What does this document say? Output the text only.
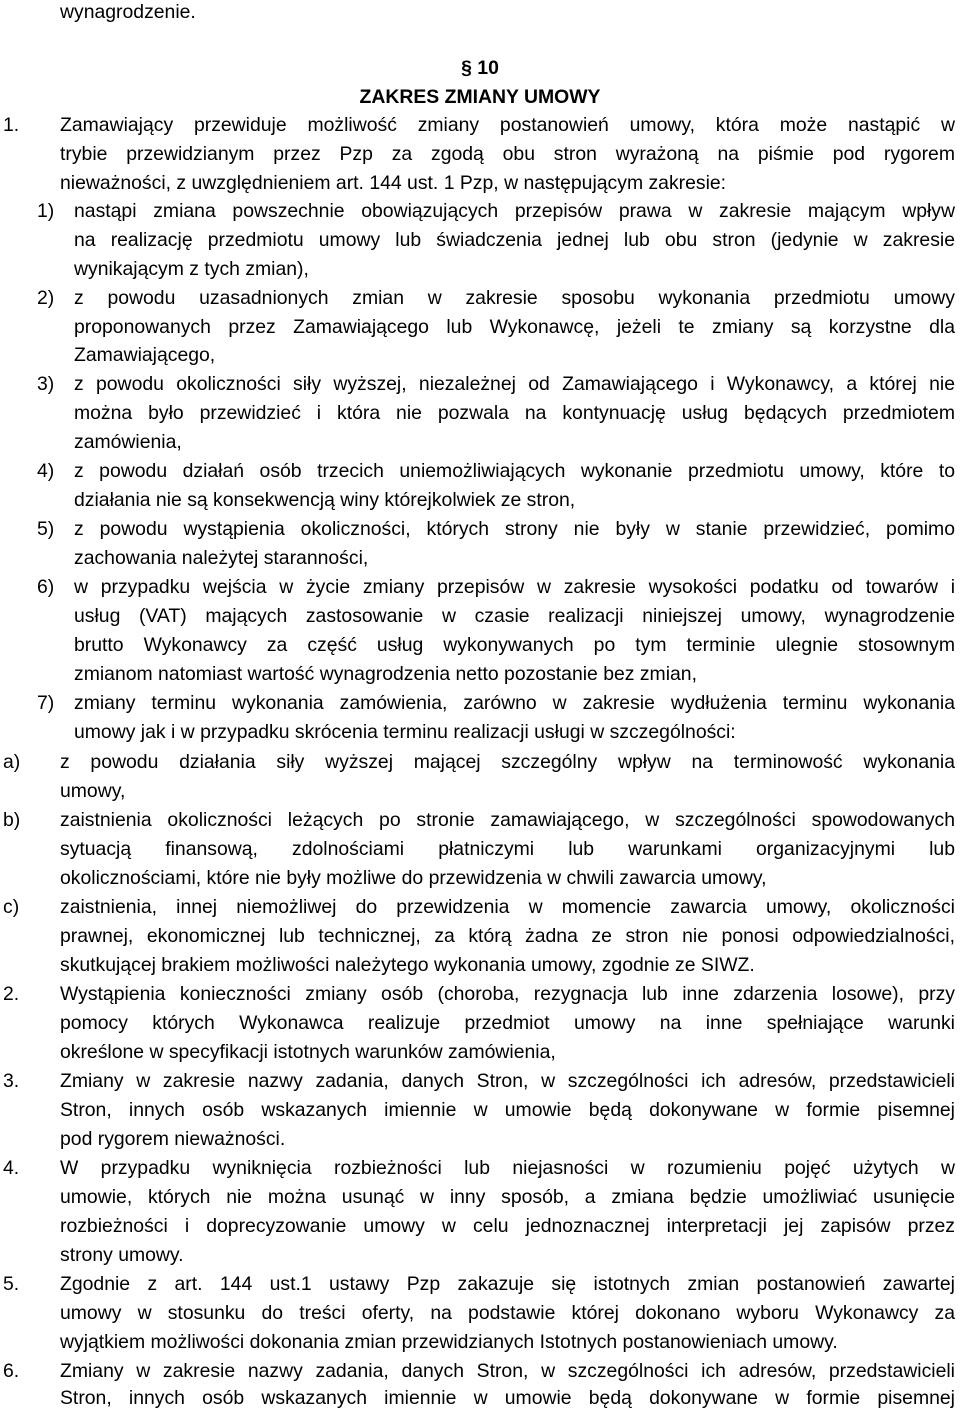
wynagrodzenie.
§ 10
ZAKRES ZMIANY UMOWY
1. Zamawiający przewiduje możliwość zmiany postanowień umowy, która może nastąpić w
trybie przewidzianym przez Pzp za zgodą obu stron wyrażoną na piśmie pod rygorem
nieważności, z uwzględnieniem art. 144 ust. 1 Pzp, w następującym zakresie:
1) nastąpi zmiana powszechnie obowiązujących przepisów prawa w zakresie mającym wpływ
na realizację przedmiotu umowy lub świadczenia jednej lub obu stron (jedynie w zakresie
wynikającym z tych zmian),
2) z powodu uzasadnionych zmian w zakresie sposobu wykonania przedmiotu umowy
proponowanych przez Zamawiającego lub Wykonawcę, jeżeli te zmiany są korzystne dla
Zamawiającego,
3) z powodu okoliczności siły wyższej, niezależnej od Zamawiającego i Wykonawcy, a której nie
można było przewidzieć i która nie pozwala na kontynuację usług będących przedmiotem
zamówienia,
4) z powodu działań osób trzecich uniemożliwiających wykonanie przedmiotu umowy, które to
działania nie są konsekwencją winy którejkolwiek ze stron,
5) z powodu wystąpienia okoliczności, których strony nie były w stanie przewidzieć, pomimo
zachowania należytej staranności,
6) w przypadku wejścia w życie zmiany przepisów w zakresie wysokości podatku od towarów i
usług (VAT) mających zastosowanie w czasie realizacji niniejszej umowy, wynagrodzenie
brutto Wykonawcy za część usług wykonywanych po tym terminie ulegnie stosownym
zmianom natomiast wartość wynagrodzenia netto pozostanie bez zmian,
7) zmiany terminu wykonania zamówienia, zarówno w zakresie wydłużenia terminu wykonania
umowy jak i w przypadku skrócenia terminu realizacji usługi w szczególności:
a) z powodu działania siły wyższej mającej szczególny wpływ na terminowość wykonania
umowy,
b) zaistnienia okoliczności leżących po stronie zamawiającego, w szczególności spowodowanych
sytuacją finansową, zdolnościami płatniczymi lub warunkami organizacyjnymi lub
okolicznościami, które nie były możliwe do przewidzenia w chwili zawarcia umowy,
c) zaistnienia, innej niemożliwej do przewidzenia w momencie zawarcia umowy, okoliczności
prawnej, ekonomicznej lub technicznej, za którą żadna ze stron nie ponosi odpowiedzialności,
skutkującej brakiem możliwości należytego wykonania umowy, zgodnie ze SIWZ.
2. Wystąpienia konieczności zmiany osób (choroba, rezygnacja lub inne zdarzenia losowe), przy
pomocy których Wykonawca realizuje przedmiot umowy na inne spełniające warunki
określone w specyfikacji istotnych warunków zamówienia,
3. Zmiany w zakresie nazwy zadania, danych Stron, w szczególności ich adresów, przedstawicieli
Stron, innych osób wskazanych imiennie w umowie będą dokonywane w formie pisemnej
pod rygorem nieważności.
4. W przypadku wyniknięcia rozbieżności lub niejasności w rozumieniu pojęć użytych w
umowie, których nie można usunąć w inny sposób, a zmiana będzie umożliwiać usunięcie
rozbieżności i doprecyzowanie umowy w celu jednoznacznej interpretacji jej zapisów przez
strony umowy.
5. Zgodnie z art. 144 ust.1 ustawy Pzp zakazuje się istotnych zmian postanowień zawartej
umowy w stosunku do treści oferty, na podstawie której dokonano wyboru Wykonawcy za
wyjątkiem możliwości dokonania zmian przewidzianych Istotnych postanowieniach umowy.
6. Zmiany w zakresie nazwy zadania, danych Stron, w szczególności ich adresów, przedstawicieli
Stron, innych osób wskazanych imiennie w umowie będą dokonywane w formie pisemnej
